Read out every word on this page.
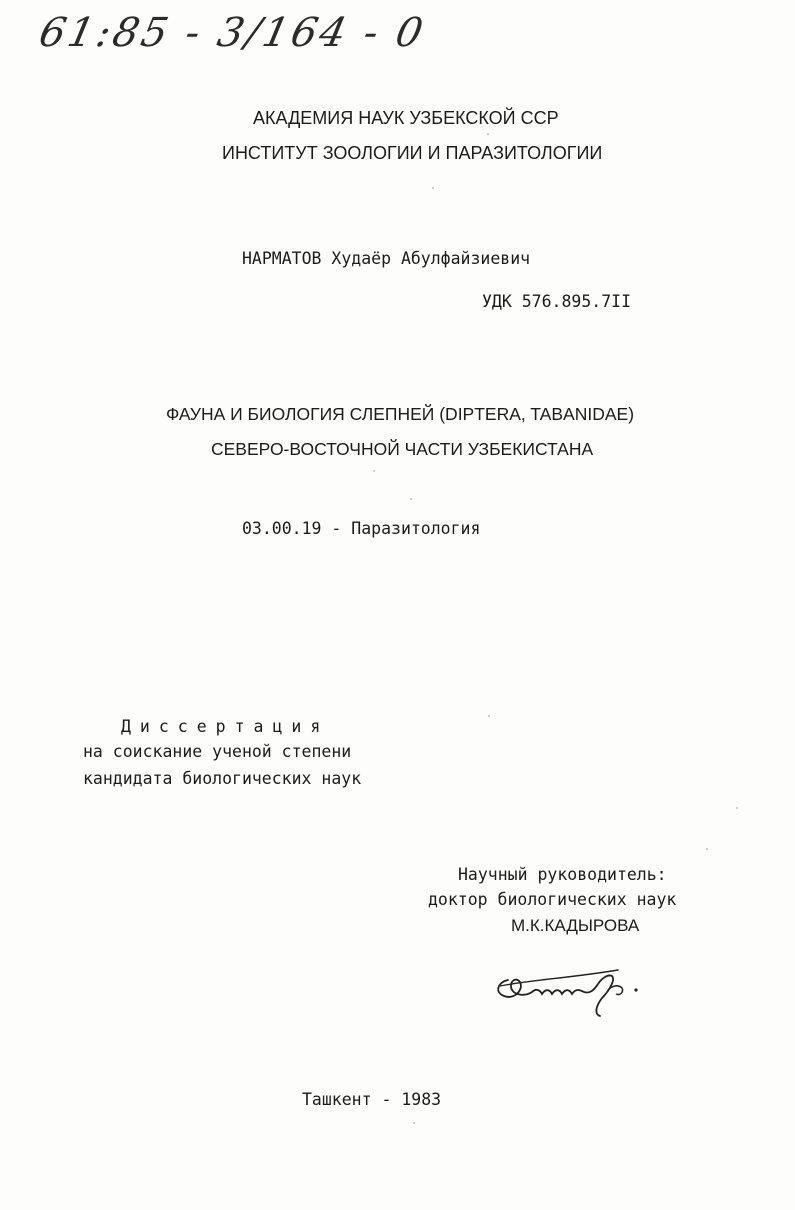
61:85 - 3/164 - 0
АКАДЕМИЯ НАУК УЗБЕКСКОЙ ССР
ИНСТИТУТ ЗООЛОГИИ И ПАРАЗИТОЛОГИИ
НАРМАТОВ Худаёр Абулфайзиевич
УДК 576.895.7II
ФАУНА И БИОЛОГИЯ СЛЕПНЕЙ (DIPTERA, TABANIDAE)
СЕВЕРО-ВОСТОЧНОЙ ЧАСТИ УЗБЕКИСТАНА
03.00.19 - Паразитология
Диссертация
на соискание ученой степени
кандидата биологических наук
Научный руководитель:
доктор биологических наук
М.К.КАДЫРОВА
Ташкент - 1983
